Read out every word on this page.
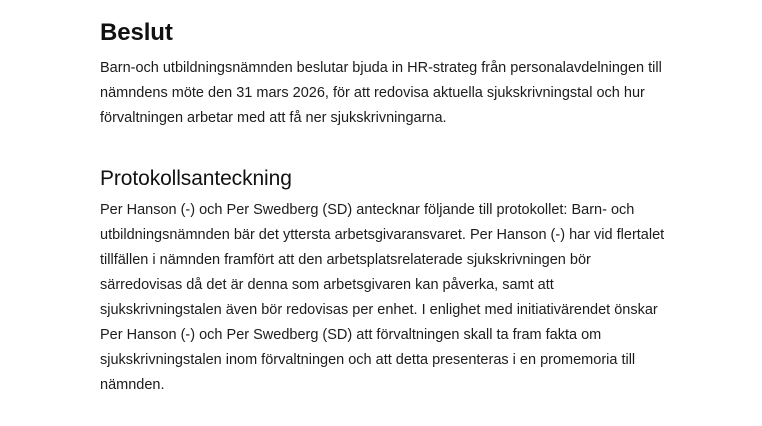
Beslut

Barn-och utbildningsnämnden beslutar bjuda in HR-strateg från personalavdelningen till nämndens möte den 31 mars 2026, för att redovisa aktuella sjukskrivningstal och hur förvaltningen arbetar med att få ner sjukskrivningarna.

Protokollsanteckning

Per Hanson (-) och Per Swedberg (SD) antecknar följande till protokollet: Barn- och utbildningsnämnden bär det yttersta arbetsgivaransvaret. Per Hanson (-) har vid flertalet tillfällen i nämnden framfört att den arbetsplatsrelaterade sjukskrivningen bör särredovisas då det är denna som arbetsgivaren kan påverka, samt att sjukskrivningstalen även bör redovisas per enhet. I enlighet med initiativärendet önskar Per Hanson (-) och Per Swedberg (SD) att förvaltningen skall ta fram fakta om sjukskrivningstalen inom förvaltningen och att detta presenteras i en promemoria till nämnden.
